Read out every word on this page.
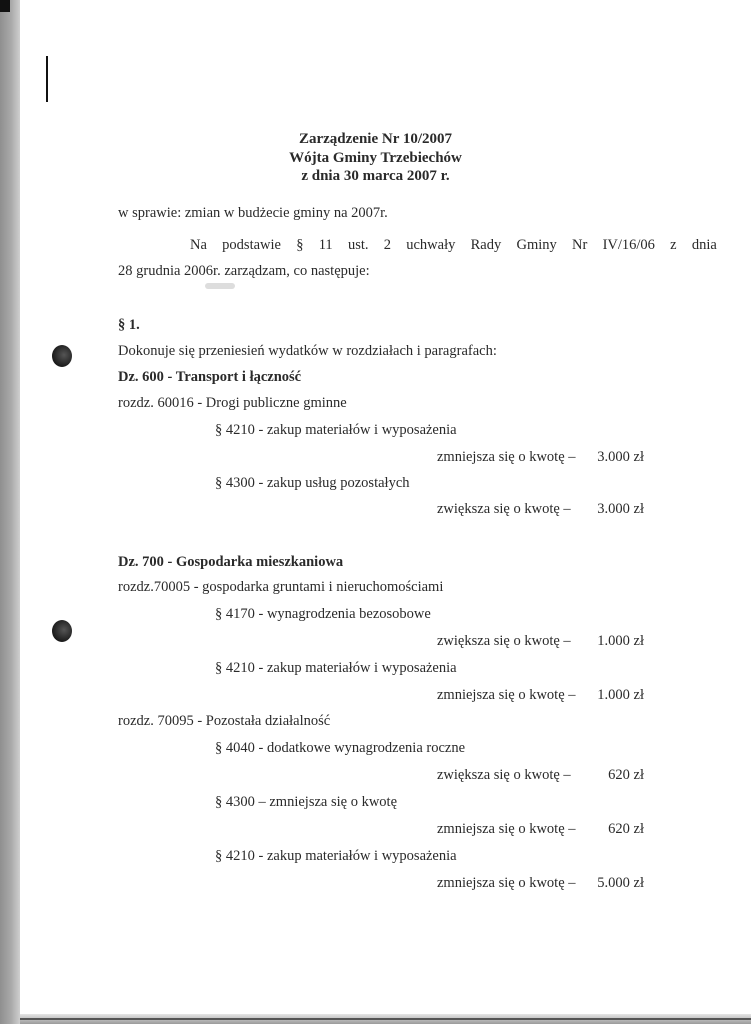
Zarządzenie Nr 10/2007
Wójta Gminy Trzebiechów
z dnia 30 marca 2007 r.
w sprawie: zmian w budżecie gminy na 2007r.
Na podstawie § 11 ust. 2 uchwały Rady Gminy Nr IV/16/06 z dnia
28 grudnia 2006r. zarządzam, co następuje:
§ 1.
Dokonuje się przeniesień wydatków w rozdziałach i paragrafach:
Dz. 600 - Transport i łączność
rozdz. 60016 - Drogi publiczne gminne
§ 4210 - zakup materiałów i wyposażenia
zmniejsza się o kwotę –	3.000 zł
§ 4300 - zakup usług pozostałych
zwiększa się o kwotę –	3.000 zł
Dz. 700 - Gospodarka mieszkaniowa
rozdz.70005 - gospodarka gruntami i nieruchomościami
§ 4170 - wynagrodzenia bezosobowe
zwiększa się o kwotę –	1.000 zł
§ 4210 - zakup materiałów i wyposażenia
zmniejsza się o kwotę –	1.000 zł
rozdz. 70095 - Pozostała działalność
§ 4040 - dodatkowe wynagrodzenia roczne
zwiększa się o kwotę –	620 zł
§ 4300 – zmniejsza się o kwotę
zmniejsza się o kwotę –	620 zł
§ 4210 - zakup materiałów i wyposażenia
zmniejsza się o kwotę –	5.000 zł
